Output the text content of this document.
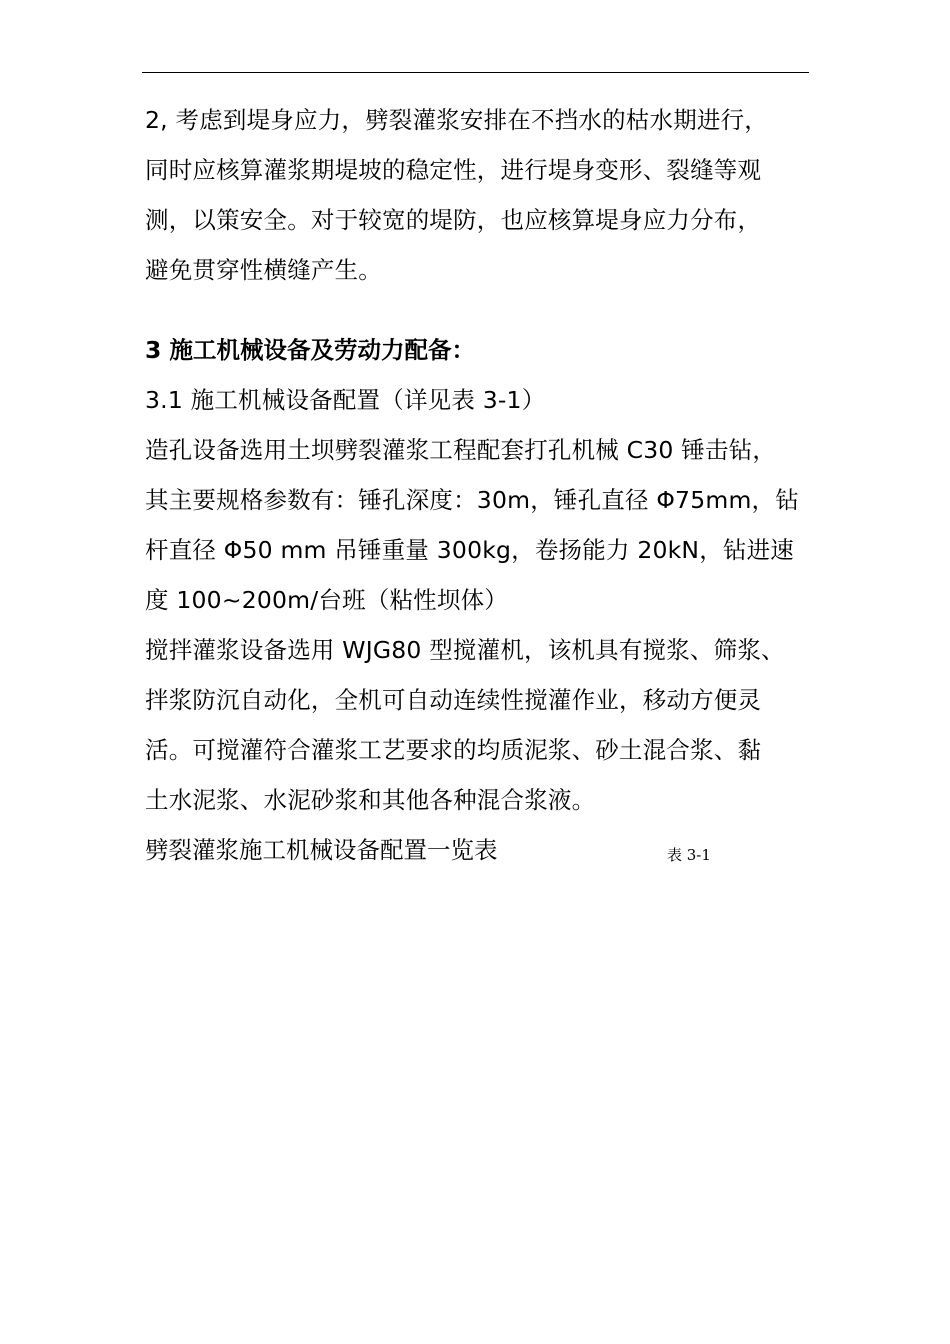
2, 考虑到堤身应力，劈裂灌浆安排在不挡水的枯水期进行，
同时应核算灌浆期堤坡的稳定性，进行堤身变形、裂缝等观
测，以策安全。对于较宽的堤防，也应核算堤身应力分布，
避免贯穿性横缝产生。

3 施工机械设备及劳动力配备：

3.1 施工机械设备配置（详见表 3-1）

造孔设备选用土坝劈裂灌浆工程配套打孔机械 C30 锤击钻，
其主要规格参数有：锤孔深度：30m，锤孔直径 Φ75mm，钻
杆直径 Φ50 mm 吊锤重量 300kg，卷扬能力 20kN，钻进速
度 100~200m/台班（粘性坝体）

搅拌灌浆设备选用 WJG80 型搅灌机，该机具有搅浆、筛浆、
拌浆防沉自动化，全机可自动连续性搅灌作业，移动方便灵
活。可搅灌符合灌浆工艺要求的均质泥浆、砂土混合浆、黏
土水泥浆、水泥砂浆和其他各种混合浆液。

劈裂灌浆施工机械设备配置一览表	表 3-1
